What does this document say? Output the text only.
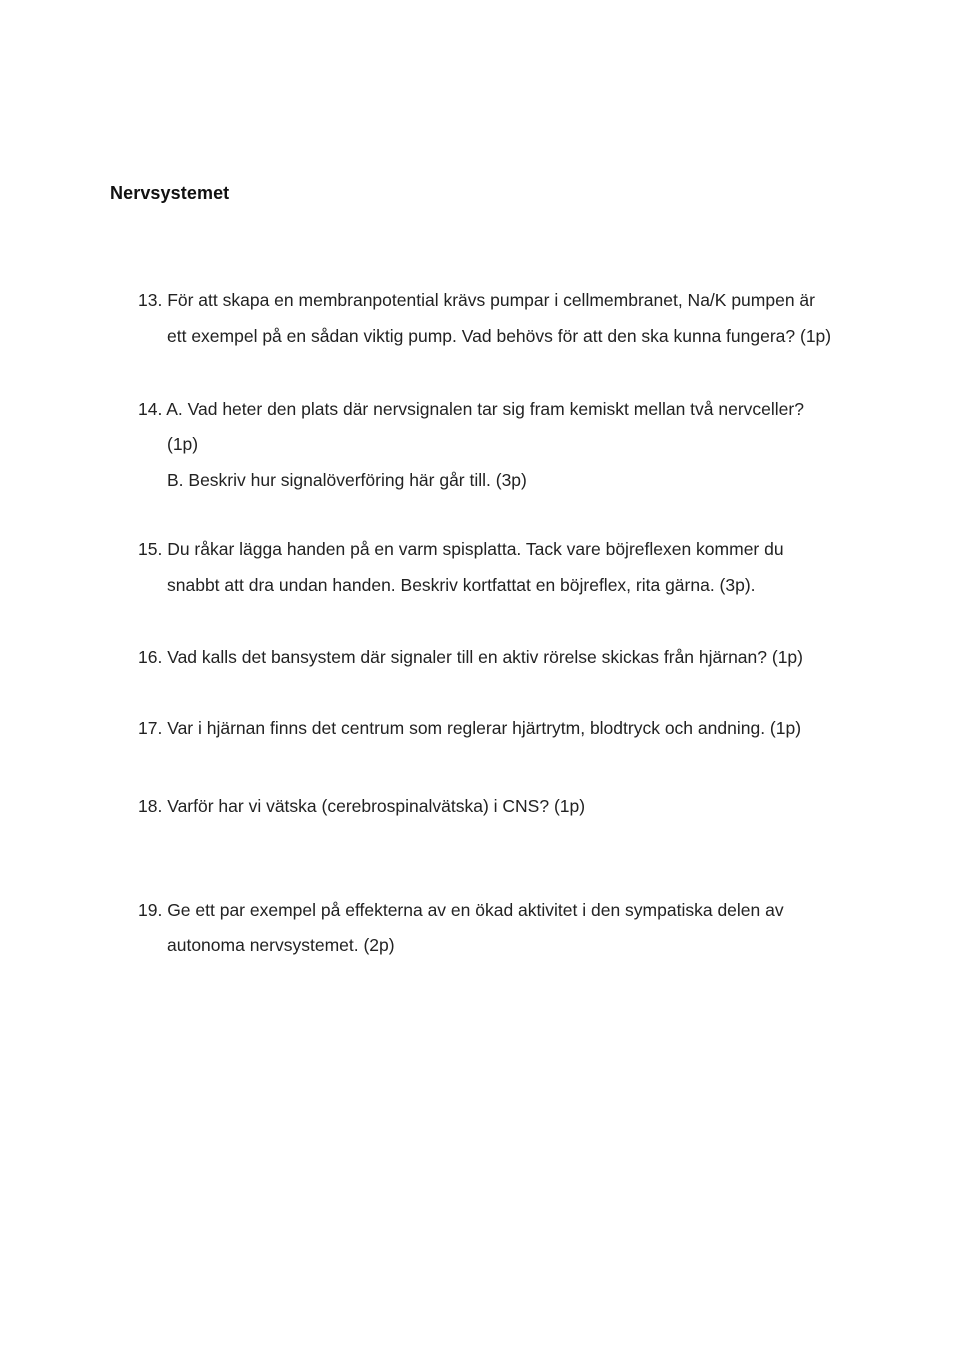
Nervsystemet
13. För att skapa en membranpotential krävs pumpar i cellmembranet, Na/K pumpen är
ett exempel på en sådan viktig pump. Vad behövs för att den ska kunna fungera? (1p)
14. A. Vad heter den plats där nervsignalen tar sig fram kemiskt mellan två nervceller?
(1p)
B. Beskriv hur signalöverföring här går till. (3p)
15. Du råkar lägga handen på en varm spisplatta. Tack vare böjreflexen kommer du
snabbt att dra undan handen. Beskriv kortfattat en böjreflex, rita gärna. (3p).
16. Vad kalls det bansystem där signaler till en aktiv rörelse skickas från hjärnan? (1p)
17. Var i hjärnan finns det centrum som reglerar hjärtrytm, blodtryck och andning. (1p)
18. Varför har vi vätska (cerebrospinalvätska) i CNS? (1p)
19. Ge ett par exempel på effekterna av en ökad aktivitet i den sympatiska delen av
autonoma nervsystemet. (2p)
